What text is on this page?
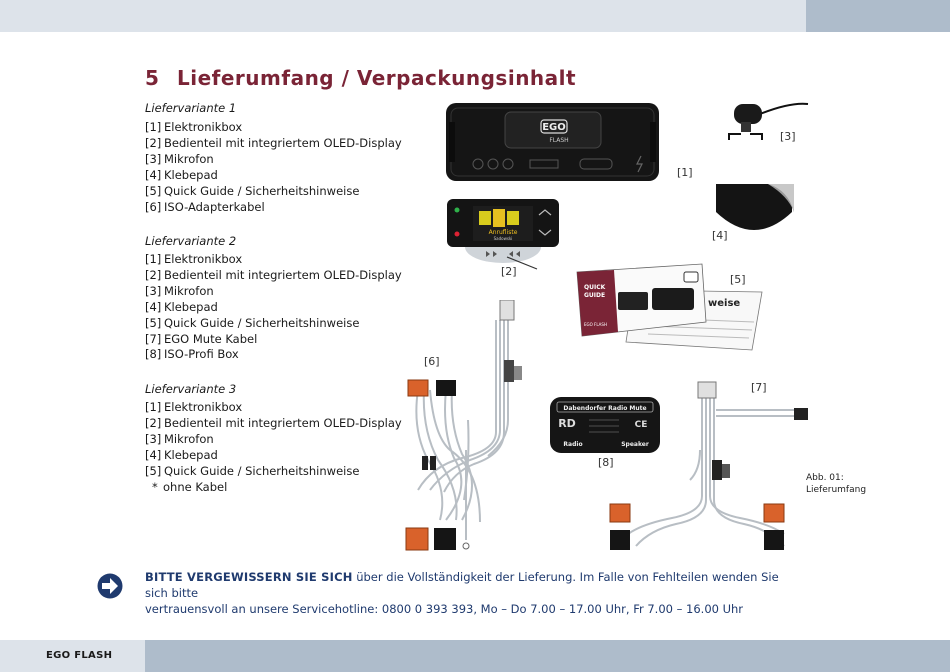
EGO FLASH
5 Lieferumfang / Verpackungsinhalt
Liefervariante 1
[1] Elektronikbox
[2] Bedienteil mit integriertem OLED-Display
[3] Mikrofon
[4] Klebepad
[5] Quick Guide / Sicherheitshinweise
[6] ISO-Adapterkabel
Liefervariante 2
[1] Elektronikbox
[2] Bedienteil mit integriertem OLED-Display
[3] Mikrofon
[4] Klebepad
[5] Quick Guide / Sicherheitshinweise
[7] EGO Mute Kabel
[8] ISO-Profi Box
Liefervariante 3
[1] Elektronikbox
[2] Bedienteil mit integriertem OLED-Display
[3] Mikrofon
[4] Klebepad
[5] Quick Guide / Sicherheitshinweise
* ohne Kabel
EGO
FLASH
Anrufliste
Sadowski
weise
QUICK
GUIDE
EGO FLASH
Dabendorfer Radio Mute
RD	CE
Radio	Speaker
[1]
[2]
[3]
[4]
[5]
[6]
[7]
[8]
Abb. 01:
Lieferumfang
BITTE VERGEWISSERN SIE SICH über die Vollständigkeit der Lieferung. Im Falle von Fehlteilen wenden Sie sich bitte
vertrauensvoll an unsere Servicehotline: 0800 0 393 393, Mo – Do 7.00 – 17.00 Uhr, Fr 7.00 – 16.00 Uhr
